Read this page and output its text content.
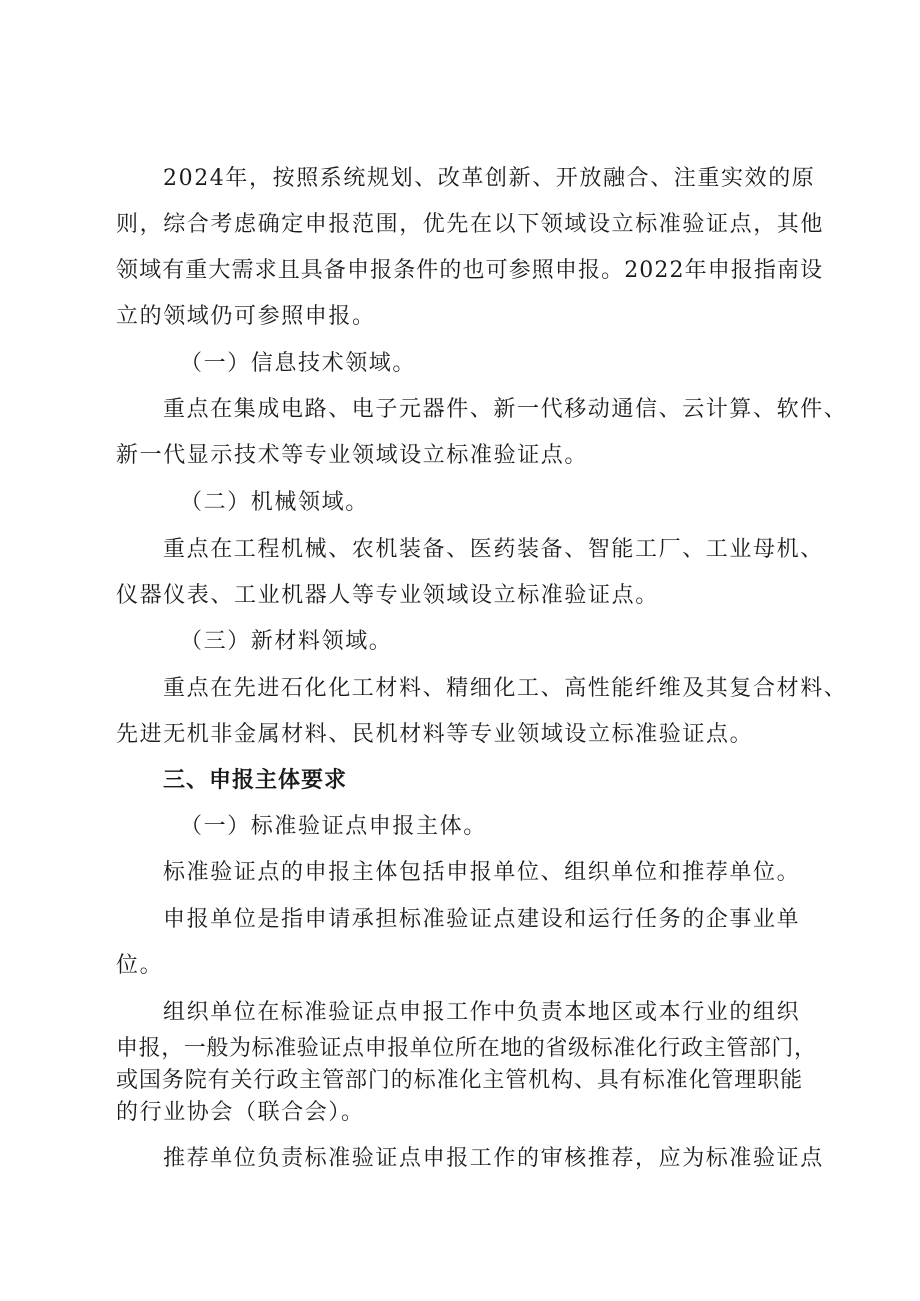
2024年，按照系统规划、改革创新、开放融合、注重实效的原
则，综合考虑确定申报范围，优先在以下领域设立标准验证点，其他
领域有重大需求且具备申报条件的也可参照申报。2022年申报指南设
立的领域仍可参照申报。
（一）信息技术领域。
重点在集成电路、电子元器件、新一代移动通信、云计算、软件、
新一代显示技术等专业领域设立标准验证点。
（二）机械领域。
重点在工程机械、农机装备、医药装备、智能工厂、工业母机、
仪器仪表、工业机器人等专业领域设立标准验证点。
（三）新材料领域。
重点在先进石化化工材料、精细化工、高性能纤维及其复合材料、
先进无机非金属材料、民机材料等专业领域设立标准验证点。
三、申报主体要求
（一）标准验证点申报主体。
标准验证点的申报主体包括申报单位、组织单位和推荐单位。
申报单位是指申请承担标准验证点建设和运行任务的企事业单
位。
组织单位在标准验证点申报工作中负责本地区或本行业的组织
申报，一般为标准验证点申报单位所在地的省级标准化行政主管部门，
或国务院有关行政主管部门的标准化主管机构、具有标准化管理职能
的行业协会（联合会）。
推荐单位负责标准验证点申报工作的审核推荐，应为标准验证点
